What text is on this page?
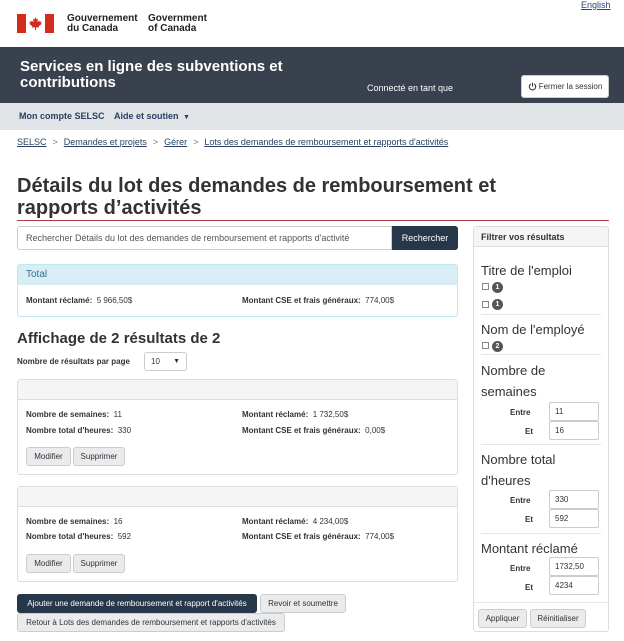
English
Gouvernement
du Canada
Government
of Canada
Services en ligne des subventions et contributions	Connecté en tant que	Fermer la session
Mon compte SELSC Aide et soutien ▼
SELSC > Demandes et projets > Gérer > Lots des demandes de remboursement et rapports d'activités
Détails du lot des demandes de remboursement et rapports d’activités
Rechercher Détails du lot des demandes de remboursement et rapports d'activité	Rechercher
Total
Montant réclamé: 5 966,50$	Montant CSE et frais généraux: 774,00$
Affichage de 2 résultats de 2
Nombre de résultats par page	10 ▼
Nombre de semaines: 11
Nombre total d'heures: 330
Montant réclamé: 1 732,50$
Montant CSE et frais généraux: 0,00$
Modifier	Supprimer
Nombre de semaines: 16
Nombre total d'heures: 592
Montant réclamé: 4 234,00$
Montant CSE et frais généraux: 774,00$
Modifier	Supprimer
Ajouter une demande de remboursement et rapport d'activités	Revoir et soumettre
Retour à Lots des demandes de remboursement et rapports d'activités
Filtrer vos résultats
Titre de l'emploi
1
1
Nom de l'employé
2
Nombre de semaines
Entre	11
Et	16
Nombre total d'heures
Entre	330
Et	592
Montant réclamé
Entre	1732,50
Et	4234
Appliquer	Réinitialiser
